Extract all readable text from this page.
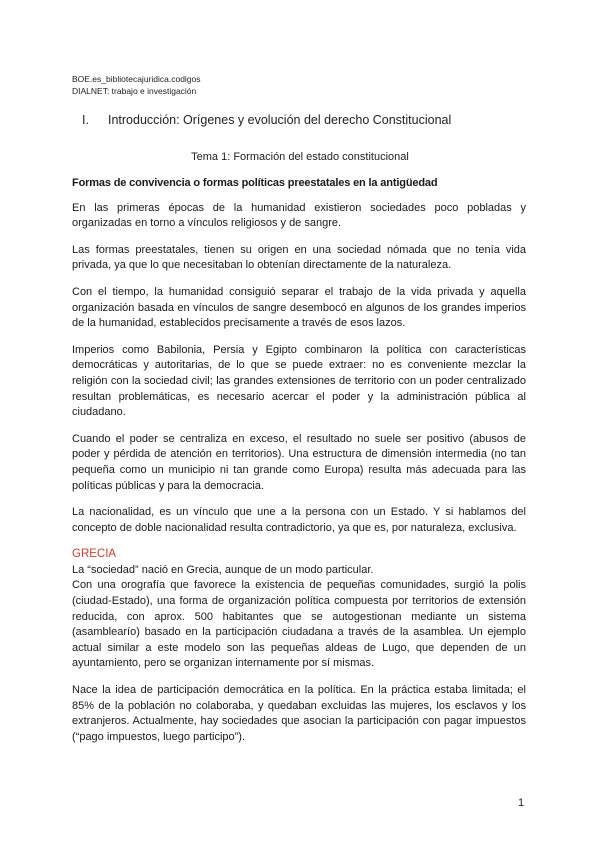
BOE.es_bibliotecajuridica.codigos
DIALNET: trabajo e investigación
I. Introducción: Orígenes y evolución del derecho Constitucional
Tema 1: Formación del estado constitucional
Formas de convivencia o formas políticas preestatales en la antigüedad

En las primeras épocas de la humanidad existieron sociedades poco pobladas y organizadas en torno a vínculos religiosos y de sangre.

Las formas preestatales, tienen su origen en una sociedad nómada que no tenía vida privada, ya que lo que necesitaban lo obtenían directamente de la naturaleza.

Con el tiempo, la humanidad consiguió separar el trabajo de la vida privada y aquella organización basada en vínculos de sangre desembocó en algunos de los grandes imperios de la humanidad, establecidos precisamente a través de esos lazos.

Imperios como Babilonia, Persia y Egipto combinaron la política con características democráticas y autoritarias, de lo que se puede extraer: no es conveniente mezclar la religión con la sociedad civil; las grandes extensiones de territorio con un poder centralizado resultan problemáticas, es necesario acercar el poder y la administración pública al ciudadano.

Cuando el poder se centraliza en exceso, el resultado no suele ser positivo (abusos de poder y pérdida de atención en territorios). Una estructura de dimensión intermedia (no tan pequeña como un municipio ni tan grande como Europa) resulta más adecuada para las políticas públicas y para la democracia.

La nacionalidad, es un vínculo que une a la persona con un Estado. Y si hablamos del concepto de doble nacionalidad resulta contradictorio, ya que es, por naturaleza, exclusiva.

GRECIA

La “sociedad” nació en Grecia, aunque de un modo particular.

Con una orografía que favorece la existencia de pequeñas comunidades, surgió la polis (ciudad-Estado), una forma de organización política compuesta por territorios de extensión reducida, con aprox. 500 habitantes que se autogestionan mediante un sistema (asamblearío) basado en la participación ciudadana a través de la asamblea. Un ejemplo actual similar a este modelo son las pequeñas aldeas de Lugo, que dependen de un ayuntamiento, pero se organizan internamente por sí mismas.

Nace la idea de participación democrática en la política. En la práctica estaba limitada; el 85% de la población no colaboraba, y quedaban excluidas las mujeres, los esclavos y los extranjeros. Actualmente, hay sociedades que asocian la participación con pagar impuestos (“pago impuestos, luego participo”).

1
